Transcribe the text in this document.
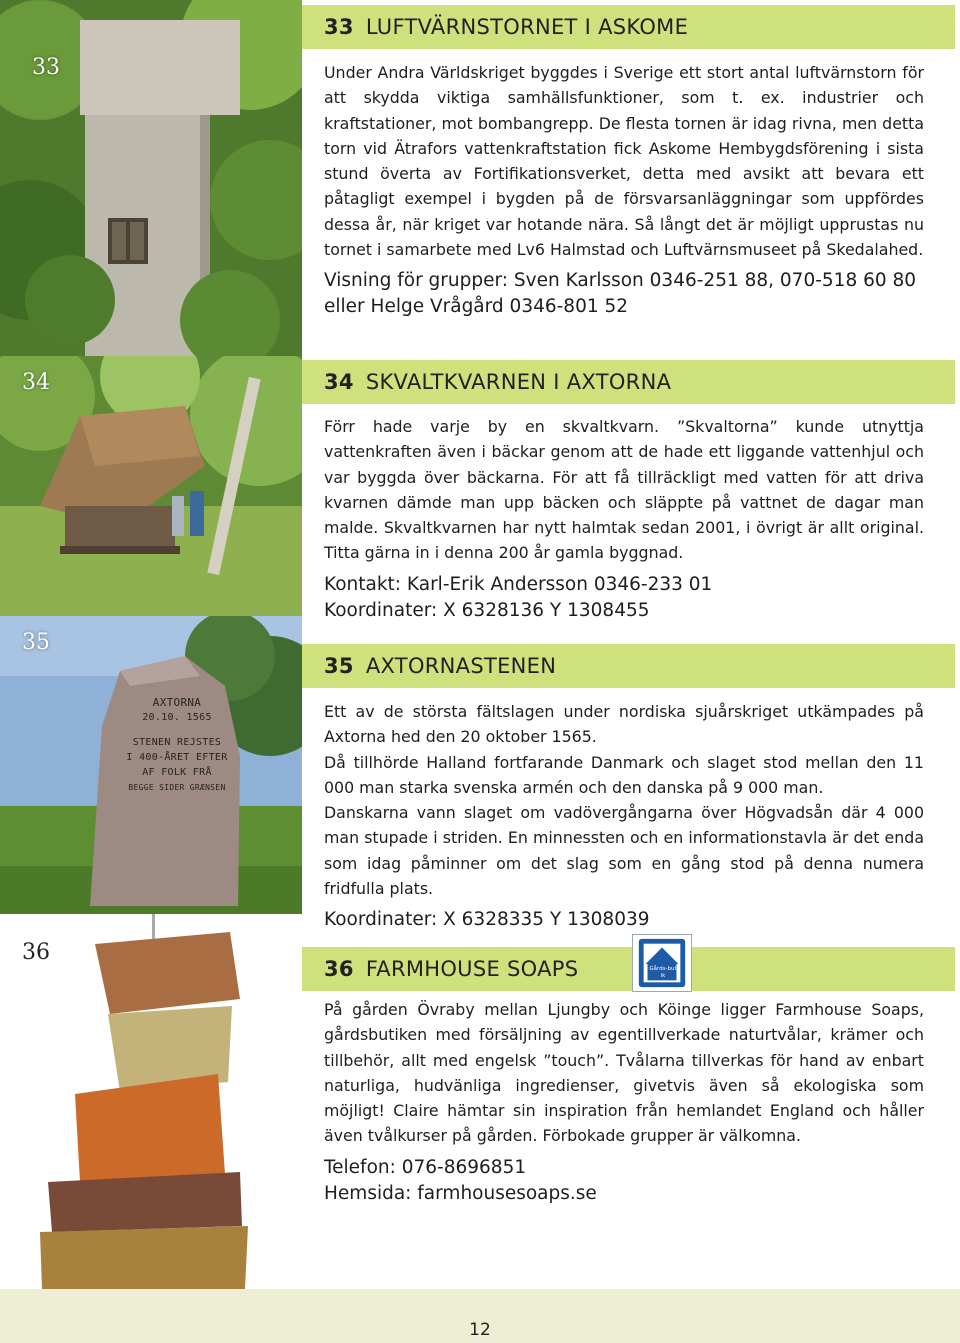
33
34
35
AXTORNA
20.10. 1565
STENEN REJSTES
I 400-ÅRET EFTER
AF FOLK FRÅ
BEGGE SIDER GRÆNSEN
36
33 LUFTVÄRNSTORNET I ASKOME

Under Andra Världskriget byggdes i Sverige ett stort antal luftvärnstorn för att skydda viktiga samhällsfunktioner, som t. ex. industrier och kraftstationer, mot bombangrepp. De flesta tornen är idag rivna, men detta torn vid Ätrafors vattenkraftstation fick Askome Hembygdsförening i sista stund överta av Fortifikationsverket, detta med avsikt att bevara ett påtagligt exempel i bygden på de försvarsanläggningar som uppfördes dessa år, när kriget var hotande nära. Så långt det är möjligt upprustas nu tornet i samarbete med Lv6 Halmstad och Luftvärnsmuseet på Skedalahed.

Visning för grupper: Sven Karlsson 0346-251 88, 070-518 60 80
eller Helge Vrågård 0346-801 52
34 SKVALTKVARNEN I AXTORNA

Förr hade varje by en skvaltkvarn. ”Skvaltorna” kunde utnyttja vattenkraften även i bäckar genom att de hade ett liggande vattenhjul och var byggda över bäckarna. För att få tillräckligt med vatten för att driva kvarnen dämde man upp bäcken och släppte på vattnet de dagar man malde. Skvaltkvarnen har nytt halmtak sedan 2001, i övrigt är allt original. Titta gärna in i denna 200 år gamla byggnad.

Kontakt: Karl-Erik Andersson 0346-233 01
Koordinater: X 6328136 Y 1308455
35 AXTORNASTENEN

Ett av de största fältslagen under nordiska sjuårskriget utkämpades på Axtorna hed den 20 oktober 1565.

Då tillhörde Halland fortfarande Danmark och slaget stod mellan den 11 000 man starka svenska armén och den danska på 9 000 man.

Danskarna vann slaget om vadövergångarna över Högvadsån där 4 000 man stupade i striden. En minnessten och en informationstavla är det enda som idag påminner om det slag som en gång stod på denna numera fridfulla plats.

Koordinater: X 6328335 Y 1308039
36 FARMHOUSE SOAPS	Gårds-butik

På gården Övraby mellan Ljungby och Köinge ligger Farmhouse Soaps, gårdsbutiken med försäljning av egentillverkade naturtvålar, krämer och tillbehör, allt med engelsk ”touch”. Tvålarna tillverkas för hand av enbart naturliga, hudvänliga ingredienser, givetvis även så ekologiska som möjligt! Claire hämtar sin inspiration från hemlandet England och håller även tvålkurser på gården. Förbokade grupper är välkomna.

Telefon: 076-8696851
Hemsida: farmhousesoaps.se
12
